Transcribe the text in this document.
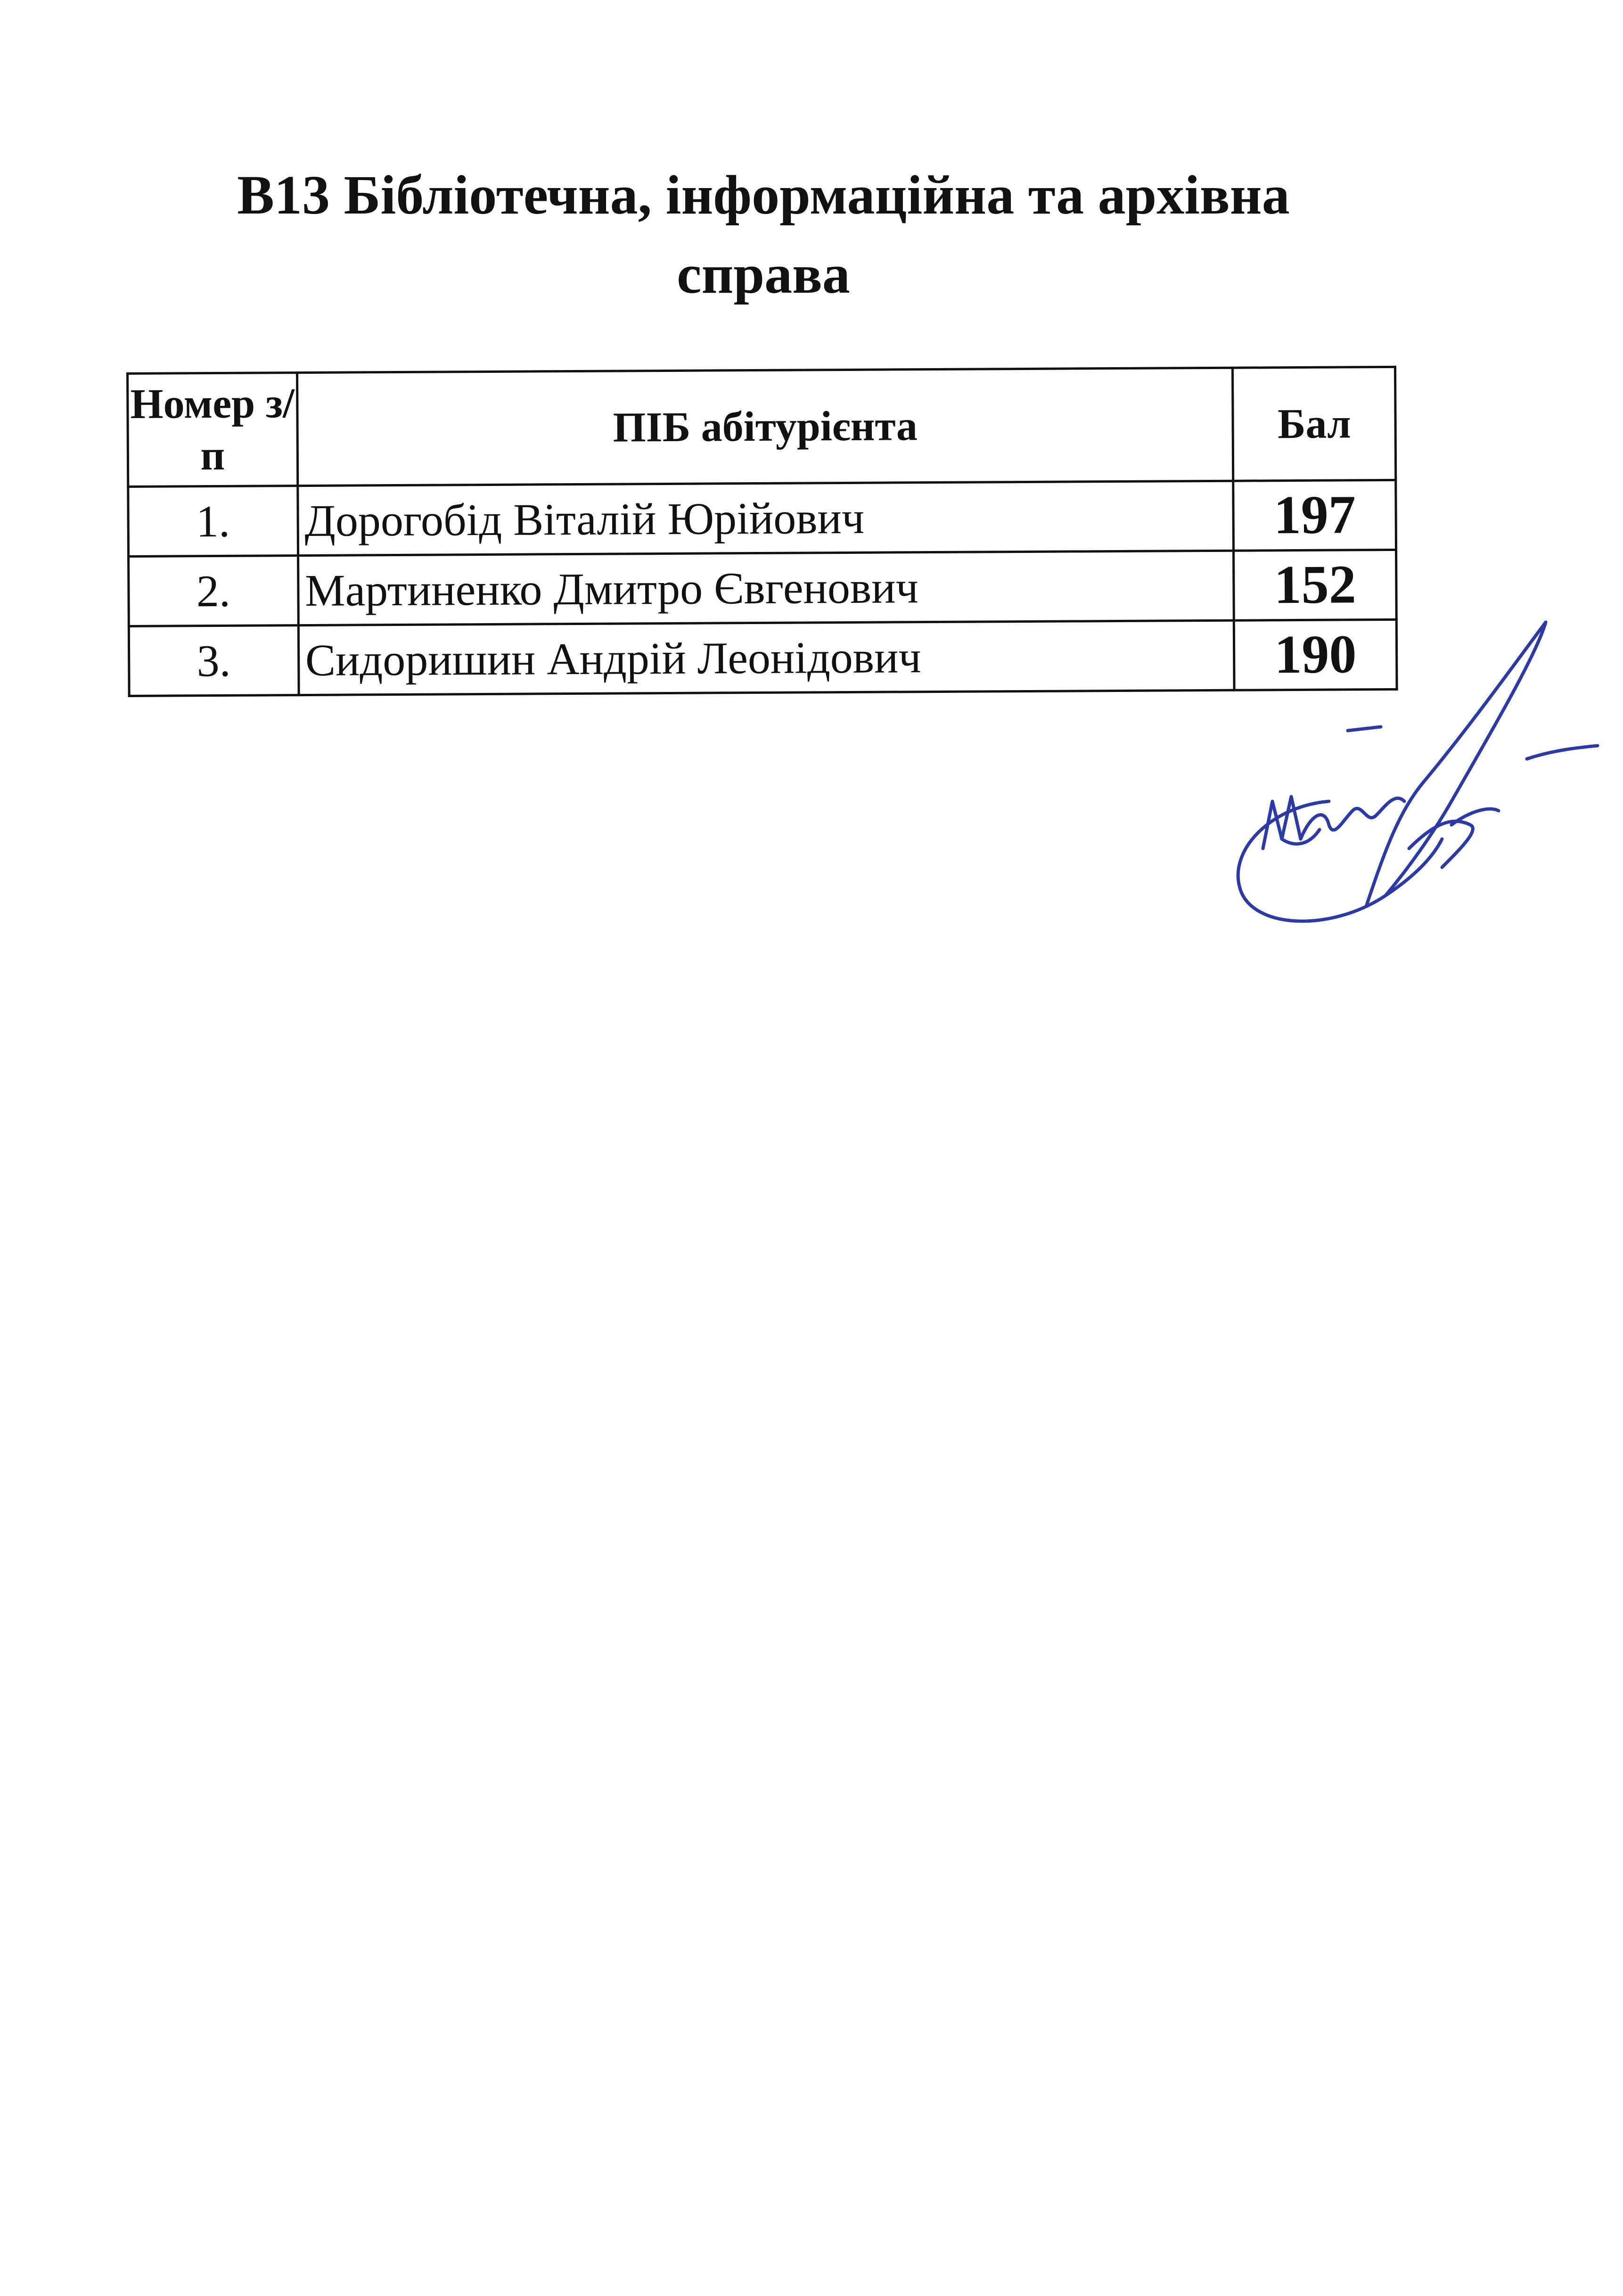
В13 Бібліотечна, інформаційна та архівна
справа
Номер з/п	ПІБ абітурієнта	Бал
1.	Дорогобід Віталій Юрійович	197
2.	Мартиненко Дмитро Євгенович	152
3.	Сидоришин Андрій Леонідович	190
